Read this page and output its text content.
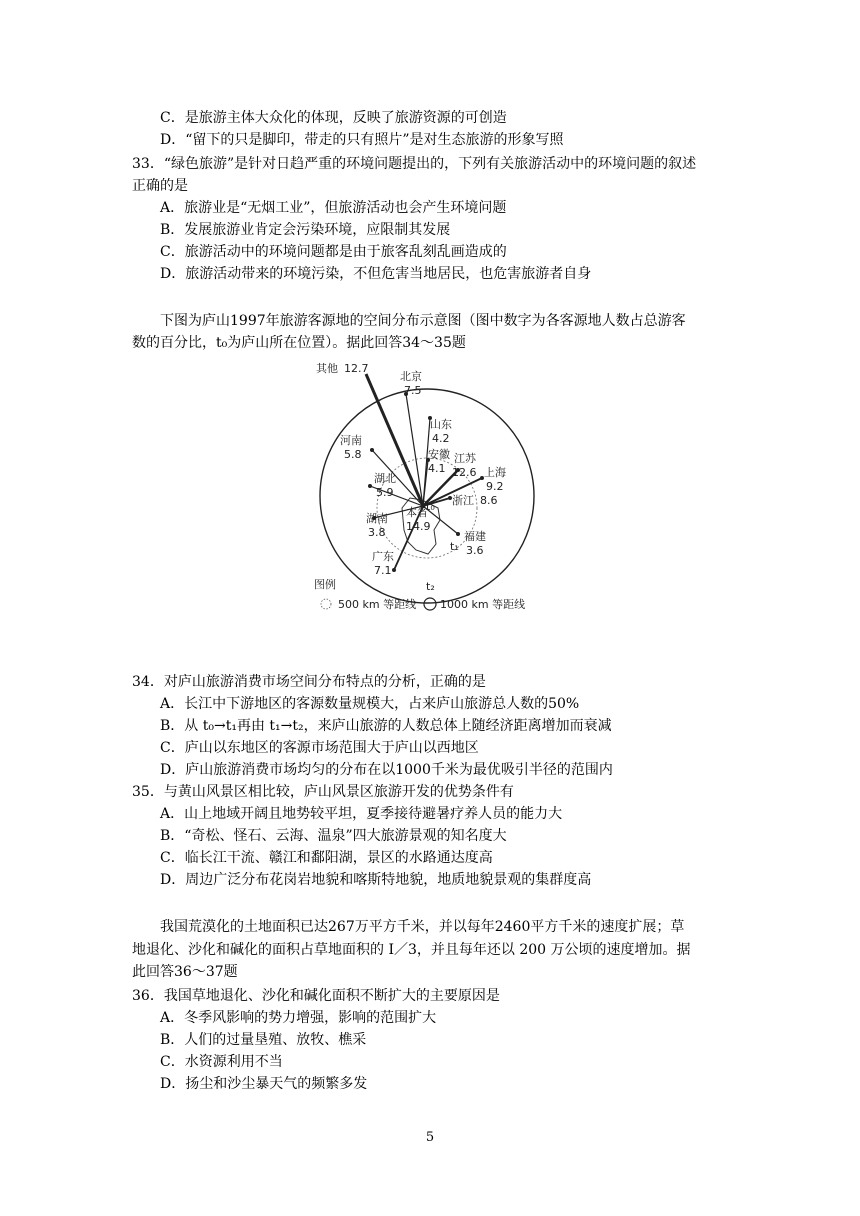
C．是旅游主体大众化的体现，反映了旅游资源的可创造
D．“留下的只是脚印，带走的只有照片”是对生态旅游的形象写照
33．“绿色旅游”是针对日趋严重的环境问题提出的，下列有关旅游活动中的环境问题的叙述
正确的是
A．旅游业是“无烟工业”，但旅游活动也会产生环境问题
B．发展旅游业肯定会污染环境，应限制其发展
C．旅游活动中的环境问题都是由于旅客乱刻乱画造成的
D．旅游活动带来的环境污染，不但危害当地居民，也危害旅游者自身
下图为庐山1997年旅游客源地的空间分布示意图（图中数字为各客源地人数占总游客
数的百分比，t₀为庐山所在位置）。据此回答34～35题
其他 12.7
北京
7.5
山东
4.2
河南
5.8	安徽
4.1
江苏
12.6 上海
9.2
湖北
5.9
浙江 8.6
本省
14.9
t₀
湖南
3.8	福建
3.6
t₁
广东
7.1
t₂
图例
500 km 等距线 1000 km 等距线
34．对庐山旅游消费市场空间分布特点的分析，正确的是
A．长江中下游地区的客源数量规模大，占来庐山旅游总人数的50%
B．从 t₀→t₁再由 t₁→t₂，来庐山旅游的人数总体上随经济距离增加而衰减
C．庐山以东地区的客源市场范围大于庐山以西地区
D．庐山旅游消费市场均匀的分布在以1000千米为最优吸引半径的范围内
35．与黄山风景区相比较，庐山风景区旅游开发的优势条件有
A．山上地域开阔且地势较平坦，夏季接待避暑疗养人员的能力大
B．“奇松、怪石、云海、温泉”四大旅游景观的知名度大
C．临长江干流、赣江和鄱阳湖，景区的水路通达度高
D．周边广泛分布花岗岩地貌和喀斯特地貌，地质地貌景观的集群度高
我国荒漠化的土地面积已达267万平方千米，并以每年2460平方千米的速度扩展；草
地退化、沙化和碱化的面积占草地面积的 I／3，并且每年还以 200 万公顷的速度增加。据
此回答36～37题
36．我国草地退化、沙化和碱化面积不断扩大的主要原因是
A．冬季风影响的势力增强，影响的范围扩大
B．人们的过量垦殖、放牧、樵采
C．水资源利用不当
D．扬尘和沙尘暴天气的频繁多发
5
